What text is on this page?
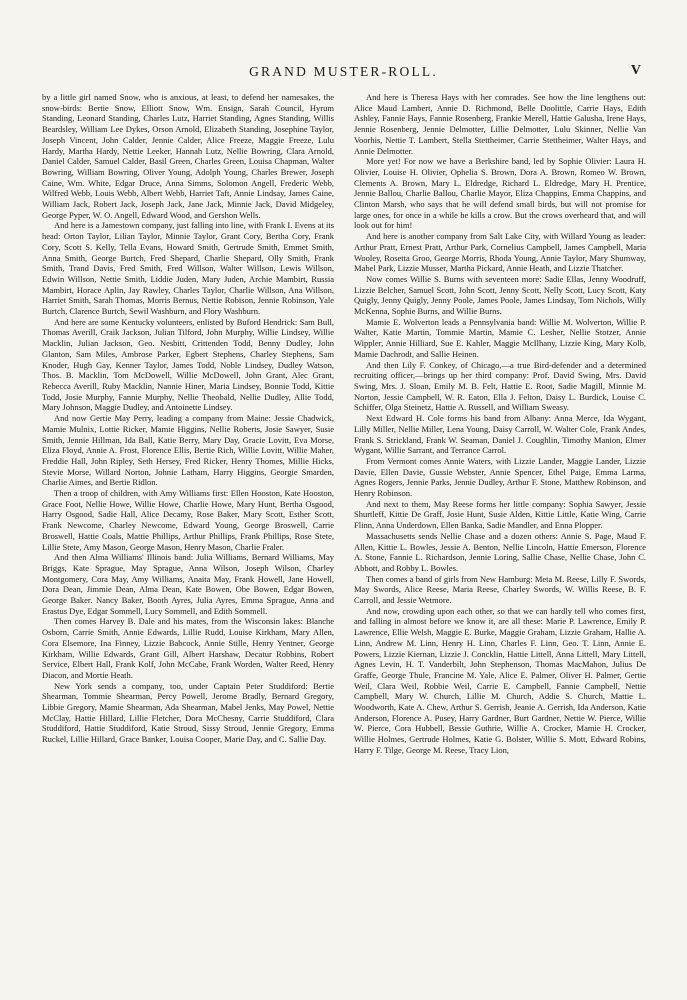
GRAND MUSTER-ROLL.	V

by a little girl named Snow, who is anxious, at least, to defend her namesakes, the snow-birds: Bertie Snow, Elliott Snow, Wm. Ensign, Sarah Council, Hyrum Standing, Leonard Standing, Charles Lutz, Harriet Standing, Agnes Standing, Willis Beardsley, William Lee Dykes, Orson Arnold, Elizabeth Standing, Josephine Taylor, Joseph Vincent, John Calder, Jennie Calder, Alice Freeze, Maggie Freeze, Lulu Hardy, Martha Hardy, Nettie Leeker, Hannah Lutz, Nellie Bowring, Clara Arnold, Daniel Calder, Samuel Calder, Basil Green, Charles Green, Louisa Chapman, Walter Bowring, William Bowring, Oliver Young, Adolph Young, Charles Brewer, Joseph Caine, Wm. White, Edgar Druce, Anna Simms, Solomon Angell, Frederic Webb, Wilfred Webb, Louis Webb, Albert Webb, Harriet Taft, Annie Lindsay, James Caine, William Jack, Robert Jack, Joseph Jack, Jane Jack, Minnie Jack, David Midgeley, George Pyper, W. O. Angell, Edward Wood, and Gershon Wells.

And here is a Jamestown company, just falling into line, with Frank I. Evens at its head: Orton Taylor, Lilian Taylor, Minnie Taylor, Grant Cory, Bertha Cory, Frank Cory, Scott S. Kelly, Tella Evans, Howard Smith, Gertrude Smith, Emmet Smith, Anna Smith, George Burtch, Fred Shepard, Charlie Shepard, Olly Smith, Frank Smith, Trand Davis, Fred Smith, Fred Willson, Walter Willson, Lewis Willson, Edwin Willson, Nettie Smith, Liddie Juden, Mary Juden, Archie Mambirt, Russia Mambirt, Horace Aplin, Jay Rawley, Charles Taylor, Charlie Willson, Ana Willson, Harriet Smith, Sarah Thomas, Morris Bernus, Nettie Robison, Jennie Robinson, Yale Burtch, Clarence Burtch, Sewil Washburn, and Flory Washburn.

And here are some Kentucky volunteers, enlisted by Buford Hendrick: Sam Bull, Thomas Averill, Craik Jackson, Julian Tilford, John Murphy, Willie Lindsey, Willie Macklin, Julian Jackson, Geo. Nesbitt, Crittenden Todd, Benny Dudley, John Glanton, Sam Miles, Ambrose Parker, Egbert Stephens, Charley Stephens, Sam Knoder, Hugh Gay, Kenner Taylor, James Todd, Noble Lindsey, Dudley Watson, Thos. B. Macklin, Tom McDowell, Willie McDowell, John Grant, Alec Grant, Rebecca Averill, Ruby Macklin, Nannie Hiner, Maria Lindsey, Bonnie Todd, Kittie Todd, Josie Murphy, Fannie Murphy, Nellie Theobald, Nellie Dudley, Allie Todd, Mary Johnson, Maggie Dudley, and Antoinette Lindsey.

And now Gertie May Perry, leading a company from Maine: Jessie Chadwick, Mamie Mulnix, Lottie Ricker, Mamie Higgins, Nellie Roberts, Josie Sawyer, Susie Smith, Jennie Hillman, Ida Ball, Katie Berry, Mary Day, Gracie Lovitt, Eva Morse, Eliza Floyd, Annie A. Frost, Florence Ellis, Bertie Rich, Willie Lovitt, Willie Maher, Freddie Hall, John Ripley, Seth Hersey, Fred Ricker, Henry Thomes, Millie Hicks, Stevie Morse, Willard Norton, Johnie Latham, Harry Higgins, Georgie Smarden, Charlie Aimes, and Bertie Ridlon.

Then a troop of children, with Amy Williams first: Ellen Hooston, Kate Hooston, Grace Foot, Nellie Howe, Willie Howe, Charlie Howe, Mary Hunt, Bertha Osgood, Harry Osgood, Sadie Hall, Alice Decamy, Rose Baker, Mary Scott, Esther Scott, Frank Newcome, Charley Newcome, Edward Young, George Broswell, Carrie Broswell, Hattie Coals, Mattie Phillips, Arthur Phillips, Frank Phillips, Rose Stete, Lillie Stete, Amy Mason, George Mason, Henry Mason, Charlie Fraler.

And then Alma Williams' Illinois band: Julia Williams, Bernard Williams, May Briggs, Kate Sprague, May Sprague, Anna Wilson, Joseph Wilson, Charley Montgomery, Cora May, Amy Williams, Anaita May, Frank Howell, Jane Howell, Dora Dean, Jimmie Dean, Alma Dean, Kate Bowen, Obe Bowen, Edgar Bowen, George Baker. Nancy Baker, Booth Ayres, Julia Ayres, Emma Sprague, Anna and Erastus Dye, Edgar Sommell, Lucy Sommell, and Edith Sommell.

Then comes Harvey B. Dale and his mates, from the Wisconsin lakes: Blanche Osborn, Carrie Smith, Annie Edwards, Lillie Rudd, Louise Kirkham, Mary Allen, Cora Elsemore, Ina Finney, Lizzie Babcock, Annie Stille, Henry Yentner, George Kirkham, Willie Edwards, Grant Gill, Albert Harshaw, Decatur Robbins, Robert Service, Elbert Hall, Frank Kolf, John McCabe, Frank Worden, Walter Reed, Henry Diacon, and Mortie Heath.

New York sends a company, too, under Captain Peter Studdiford: Bertie Shearman, Tommie Shearman, Percy Powell, Jerome Bradly, Bernard Gregory, Libbie Gregory, Mamie Shearman, Ada Shearman, Mabel Jenks, May Powel, Nettie McClay, Hattie Hillard, Lillie Fletcher, Dora McChesny, Carrie Studdiford, Clara Studdiford, Hattie Studdiford, Katie Stroud, Sissy Stroud, Jennie Gregory, Emma Ruckel, Lillie Hillard, Grace Banker, Louisa Cooper, Marie Day, and C. Sallie Day.

And here is Theresa Hays with her comrades. See how the line lengthens out: Alice Maud Lambert, Annie D. Richmond, Belle Doolittle, Carrie Hays, Edith Ashley, Fannie Hays, Fannie Rosenberg, Frankie Merell, Hattie Galusha, Irene Hays, Jennie Rosenberg, Jennie Delmotter, Lillie Delmotter, Lulu Skinner, Nellie Van Voorhis, Nettie T. Lambert, Stella Stettheimer, Carrie Stettheimer, Walter Hays, and Annie Delmotter.

More yet! For now we have a Berkshire band, led by Sophie Olivier: Laura H. Olivier, Louise H. Olivier, Ophelia S. Brown, Dora A. Brown, Romeo W. Brown, Clements A. Brown, Mary L. Eldredge, Richard L. Eldredge, Mary H. Prentice, Jennie Ballou, Charlie Ballou, Charlie Mayor, Eliza Chappins, Emma Chappins, and Clinton Marsh, who says that he will defend small birds, but will not promise for large ones, for once in a while he kills a crow. But the crows overheard that, and will look out for him!

And here is another company from Salt Lake City, with Willard Young as leader: Arthur Pratt, Ernest Pratt, Arthur Park, Cornelius Campbell, James Campbell, Maria Wooley, Rosetta Groo, George Morris, Rhoda Young, Annie Taylor, Mary Shumway, Mabel Park, Lizzie Musser, Martha Pickard, Annie Heath, and Lizzie Thatcher.

Now comes Willie S. Burns with seventeen more: Sadie Ellas, Jenny Woodruff, Lizzie Belcher, Samuel Scott, John Scott, Jenny Scott, Nelly Scott, Lucy Scott, Katy Quigly, Jenny Quigly, Jenny Poole, James Poole, James Lindsay, Tom Nichols, Willy McKenna, Sophie Burns, and Willie Burns.

Mamie E. Wolverton leads a Pennsylvania band: Willie M. Wolverton, Willie P. Walter, Katie Martin, Tommie Martin, Mamie C. Lesher, Nellie Stotzer, Annie Wippler, Annie Hilliard, Sue E. Kahler, Maggie McIlhany, Lizzie King, Mary Kolb, Mamie Dachrodt, and Sallie Heinen.

And then Lily F. Conkey, of Chicago,—a true Bird-defender and a determined recruiting officer,—brings up her third company: Prof. David Swing, Mrs. David Swing, Mrs. J. Sloan, Emily M. B. Felt, Hattie E. Root, Sadie Magill, Minnie M. Norton, Jessie Campbell, W. R. Eaton, Ella J. Felton, Daisy L. Burdick, Louise C. Schiffer, Olga Steinetz, Hattie A. Russell, and William Sweasy.

Next Edward H. Cole forms his band from Albany: Anna Merce, Ida Wygant, Lilly Miller, Nellie Miller, Lena Young, Daisy Carroll, W. Walter Cole, Frank Andes, Frank S. Strickland, Frank W. Seaman, Daniel J. Coughlin, Timothy Manion, Elmer Wygant, Willie Sarrant, and Terrance Carrol.

From Vermont comes Annie Waters, with Lizzie Lander, Maggie Lander, Lizzie Davie, Ellen Davie, Gussie Webster, Annie Spencer, Ethel Paige, Emma Larma, Agnes Rogers, Jennie Parks, Jennie Dudley, Arthur F. Stone, Matthew Robinson, and Henry Robinson.

And next to them, May Reese forms her little company: Sophia Sawyer, Jessie Shurtleff, Kittie De Graff, Josie Hunt, Susie Alden, Kittie Little, Katie Wing, Carrie Flinn, Anna Underdown, Ellen Banka, Sadie Mandler, and Enna Plopper.

Massachusetts sends Nellie Chase and a dozen others: Annie S. Page, Maud F. Allen, Kittie L. Bowles, Jessie A. Benton, Nellie Lincoln, Hattie Emerson, Florence A. Stone, Fannie L. Richardson, Jennie Loring, Sallie Chase, Nellie Chase, John C. Abbott, and Robby L. Bowles.

Then comes a band of girls from New Hamburg: Meta M. Reese, Lilly F. Swords, May Swords, Alice Reese, Maria Reese, Charley Swords, W. Willis Reese, B. F. Carroll, and Jessie Wetmore.

And now, crowding upon each other, so that we can hardly tell who comes first, and falling in almost before we know it, are all these: Marie P. Lawrence, Emily P. Lawrence, Ellie Welsh, Maggie E. Burke, Maggie Graham, Lizzie Graham, Hallie A. Linn, Andrew M. Linn, Henry H. Linn, Charles F. Linn, Geo. T. Linn, Annie E. Powers, Lizzie Kiernan, Lizzie J. Concklin, Hattie Littell, Anna Littell, Mary Littell, Agnes Levin, H. T. Vanderbilt, John Stephenson, Thomas MacMahon, Julius De Graffe, George Thule, Francine M. Yale, Alice E. Palmer, Oliver H. Palmer, Gertie Weil, Clara Weil, Robbie Weil, Carrie E. Campbell, Fannie Campbell, Nettie Campbell, Mary W. Church, Lillie M. Church, Addie S. Church, Mattie L. Woodworth, Kate A. Chew, Arthur S. Gerrish, Jeanie A. Gerrish, Ida Anderson, Katie Anderson, Florence A. Pusey, Harry Gardner, Burt Gardner, Nettie W. Pierce, Willie W. Pierce, Cora Hubbell, Bessie Guthrie, Willie A. Crocker, Mamie H. Crocker, Willie Holmes, Gertrude Holmes, Katie G. Bolster, Willie S. Mott, Edward Robins, Harry F. Tilge, George M. Reese, Tracy Lion,
